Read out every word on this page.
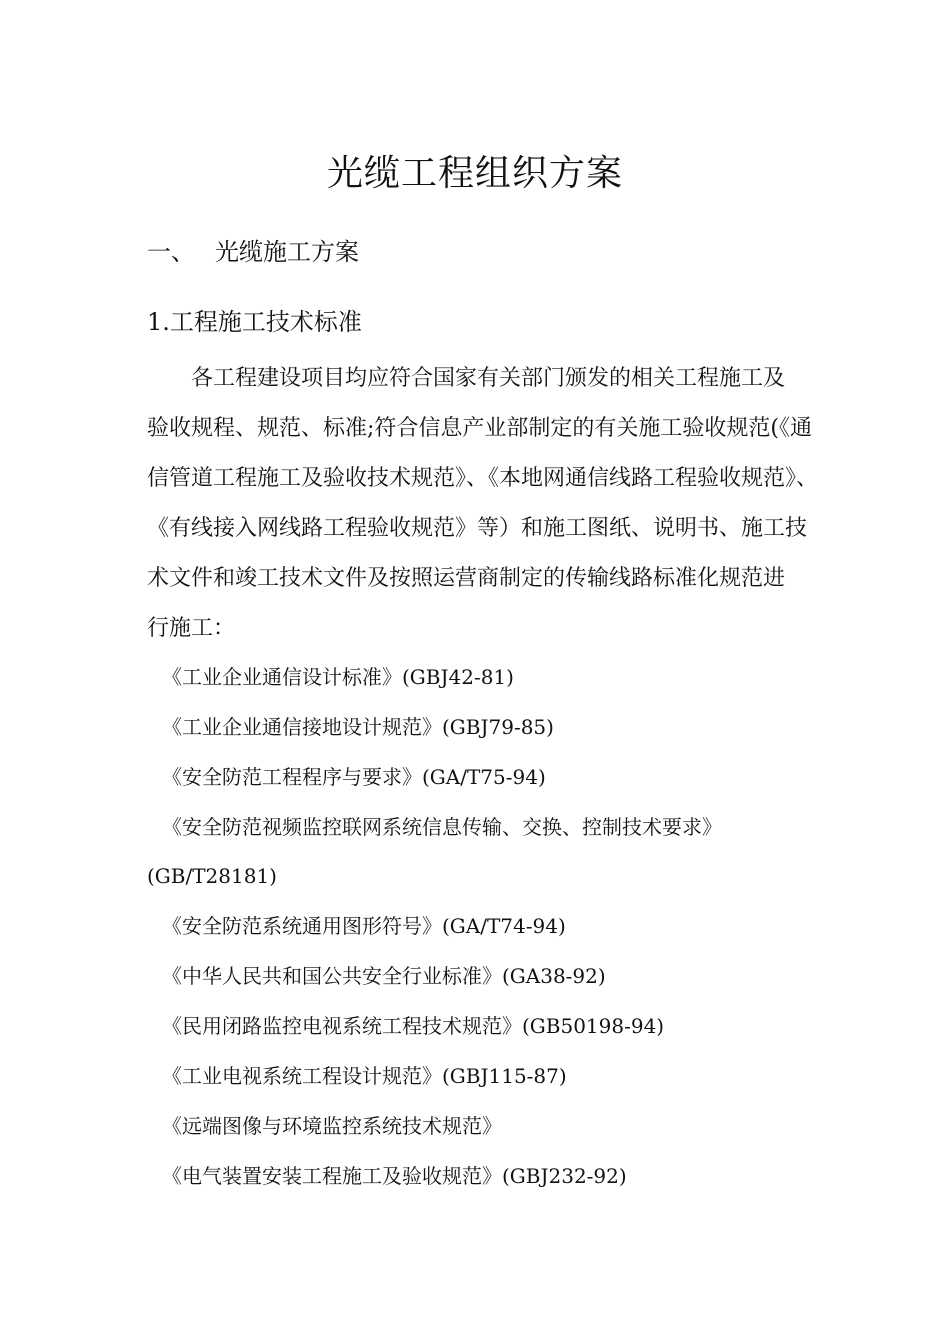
光缆工程组织方案
一、 光缆施工方案
1.工程施工技术标准
各工程建设项目均应符合国家有关部门颁发的相关工程施工及
验收规程、规范、标准;符合信息产业部制定的有关施工验收规范(《通
信管道工程施工及验收技术规范》、《本地网通信线路工程验收规范》、
《有线接入网线路工程验收规范》等）和施工图纸、说明书、施工技
术文件和竣工技术文件及按照运营商制定的传输线路标准化规范进
行施工：
《工业企业通信设计标准》(GBJ42-81)
《工业企业通信接地设计规范》(GBJ79-85)
《安全防范工程程序与要求》(GA/T75-94)
《安全防范视频监控联网系统信息传输、交换、控制技术要求》
(GB/T28181)
《安全防范系统通用图形符号》(GA/T74-94)
《中华人民共和国公共安全行业标准》(GA38-92)
《民用闭路监控电视系统工程技术规范》(GB50198-94)
《工业电视系统工程设计规范》(GBJ115-87)
《远端图像与环境监控系统技术规范》
《电气装置安装工程施工及验收规范》(GBJ232-92)
